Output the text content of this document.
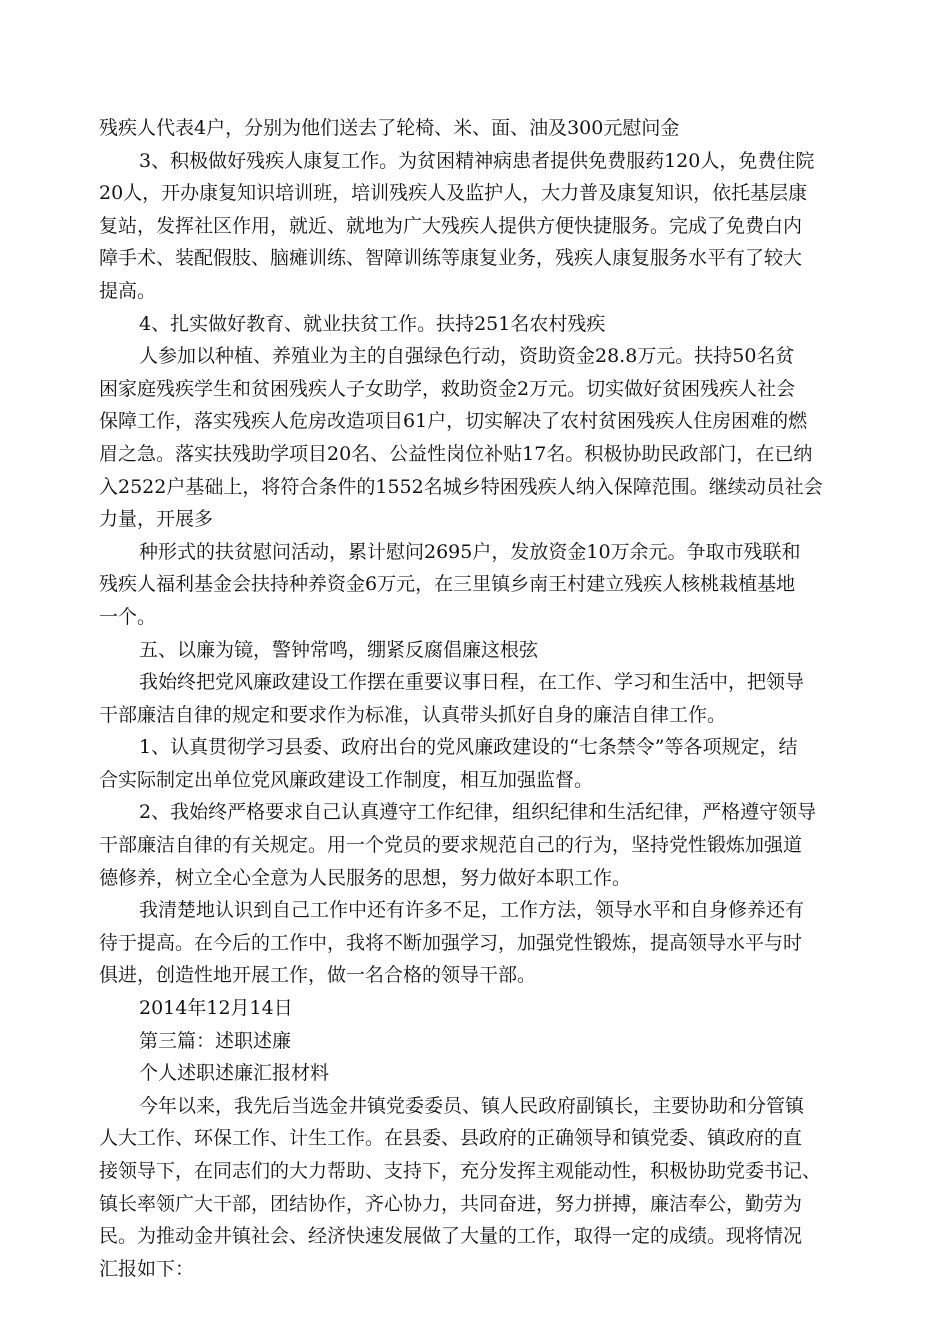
残疾人代表4户，分别为他们送去了轮椅、米、面、油及300元慰问金
3、积极做好残疾人康复工作。为贫困精神病患者提供免费服药120人，免费住院
20人，开办康复知识培训班，培训残疾人及监护人，大力普及康复知识，依托基层康
复站，发挥社区作用，就近、就地为广大残疾人提供方便快捷服务。完成了免费白内
障手术、装配假肢、脑瘫训练、智障训练等康复业务，残疾人康复服务水平有了较大
提高。
4、扎实做好教育、就业扶贫工作。扶持251名农村残疾
人参加以种植、养殖业为主的自强绿色行动，资助资金28.8万元。扶持50名贫
困家庭残疾学生和贫困残疾人子女助学，救助资金2万元。切实做好贫困残疾人社会
保障工作，落实残疾人危房改造项目61户，切实解决了农村贫困残疾人住房困难的燃
眉之急。落实扶残助学项目20名、公益性岗位补贴17名。积极协助民政部门，在已纳
入2522户基础上，将符合条件的1552名城乡特困残疾人纳入保障范围。继续动员社会
力量，开展多
种形式的扶贫慰问活动，累计慰问2695户，发放资金10万余元。争取市残联和
残疾人福利基金会扶持种养资金6万元，在三里镇乡南王村建立残疾人核桃栽植基地
一个。
五、以廉为镜，警钟常鸣，绷紧反腐倡廉这根弦
我始终把党风廉政建设工作摆在重要议事日程，在工作、学习和生活中，把领导
干部廉洁自律的规定和要求作为标准，认真带头抓好自身的廉洁自律工作。
1、认真贯彻学习县委、政府出台的党风廉政建设的“七条禁令”等各项规定，结
合实际制定出单位党风廉政建设工作制度，相互加强监督。
2、我始终严格要求自己认真遵守工作纪律，组织纪律和生活纪律，严格遵守领导
干部廉洁自律的有关规定。用一个党员的要求规范自己的行为，坚持党性锻炼加强道
德修养，树立全心全意为人民服务的思想，努力做好本职工作。
我清楚地认识到自己工作中还有许多不足，工作方法，领导水平和自身修养还有
待于提高。在今后的工作中，我将不断加强学习，加强党性锻炼，提高领导水平与时
俱进，创造性地开展工作，做一名合格的领导干部。
2014年12月14日
第三篇：述职述廉
个人述职述廉汇报材料
今年以来，我先后当选金井镇党委委员、镇人民政府副镇长，主要协助和分管镇
人大工作、环保工作、计生工作。在县委、县政府的正确领导和镇党委、镇政府的直
接领导下，在同志们的大力帮助、支持下，充分发挥主观能动性，积极协助党委书记、
镇长率领广大干部，团结协作，齐心协力，共同奋进，努力拼搏，廉洁奉公，勤劳为
民。为推动金井镇社会、经济快速发展做了大量的工作，取得一定的成绩。现将情况
汇报如下：
